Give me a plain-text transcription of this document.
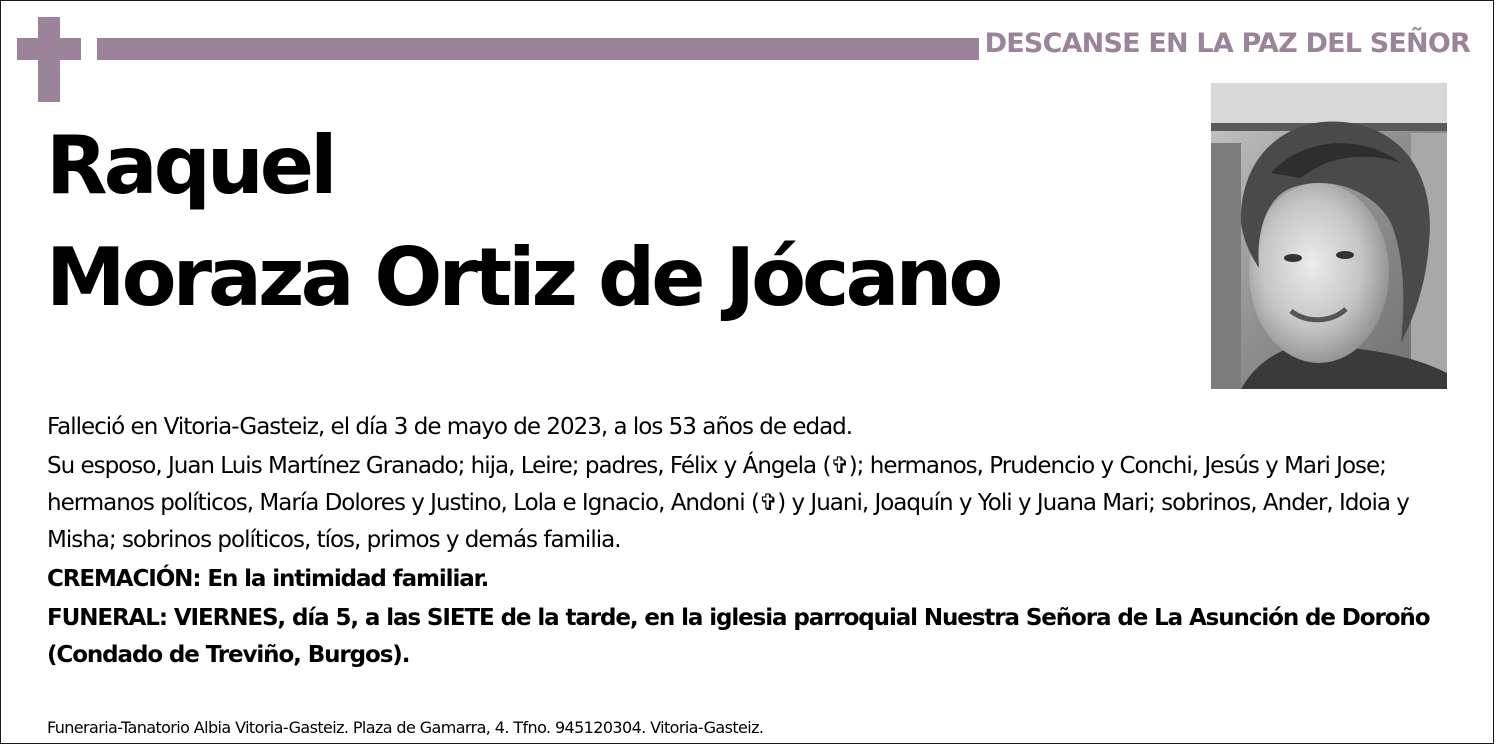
DESCANSE EN LA PAZ DEL SEÑOR
Raquel
Moraza Ortiz de Jócano

Falleció en Vitoria-Gasteiz, el día 3 de mayo de 2023, a los 53 años de edad.

Su esposo, Juan Luis Martínez Granado; hija, Leire; padres, Félix y Ángela (✞); hermanos, Prudencio y Conchi, Jesús y Mari Jose; hermanos políticos, María Dolores y Justino, Lola e Ignacio, Andoni (✞) y Juani, Joaquín y Yoli y Juana Mari; sobrinos, Ander, Idoia y Misha; sobrinos políticos, tíos, primos y demás familia.

CREMACIÓN: En la intimidad familiar.

FUNERAL: VIERNES, día 5, a las SIETE de la tarde, en la iglesia parroquial Nuestra Señora de La Asunción de Doroño (Condado de Treviño, Burgos).

Funeraria-Tanatorio Albia Vitoria-Gasteiz. Plaza de Gamarra, 4. Tfno. 945120304. Vitoria-Gasteiz.
